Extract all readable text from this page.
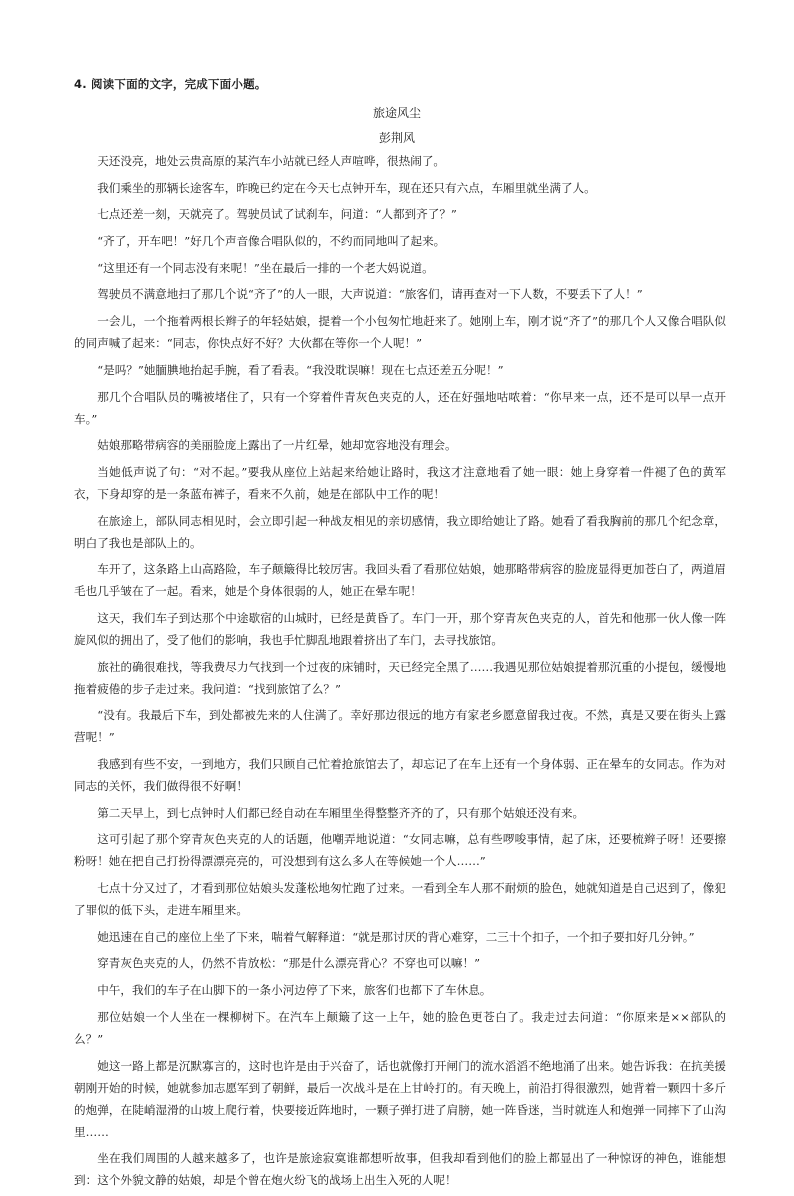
4. 阅读下面的文字，完成下面小题。
旅途风尘
彭荆风

天还没亮，地处云贵高原的某汽车小站就已经人声喧哗，很热闹了。

我们乘坐的那辆长途客车，昨晚已约定在今天七点钟开车，现在还只有六点，车厢里就坐满了人。

七点还差一刻，天就亮了。驾驶员试了试刹车，问道：“人都到齐了？”

“齐了，开车吧！”好几个声音像合唱队似的，不约而同地叫了起来。

“这里还有一个同志没有来呢！”坐在最后一排的一个老大妈说道。

驾驶员不满意地扫了那几个说“齐了”的人一眼，大声说道：“旅客们，请再查对一下人数，不要丢下了人！”

一会儿，一个拖着两根长辫子的年轻姑娘，提着一个小包匆忙地赶来了。她刚上车，刚才说“齐了”的那几个人又像合唱队似的同声喊了起来：“同志，你快点好不好？大伙都在等你一个人呢！”

“是吗？”她腼腆地抬起手腕，看了看表。“我没耽误嘛！现在七点还差五分呢！”

那几个合唱队员的嘴被堵住了，只有一个穿着件青灰色夹克的人，还在好强地咕哝着：“你早来一点，还不是可以早一点开车。”

姑娘那略带病容的美丽脸庞上露出了一片红晕，她却宽容地没有理会。

当她低声说了句：“对不起。”要我从座位上站起来给她让路时，我这才注意地看了她一眼：她上身穿着一件褪了色的黄军衣，下身却穿的是一条蓝布裤子，看来不久前，她是在部队中工作的呢！

在旅途上，部队同志相见时，会立即引起一种战友相见的亲切感情，我立即给她让了路。她看了看我胸前的那几个纪念章，明白了我也是部队上的。

车开了，这条路上山高路险，车子颠簸得比较厉害。我回头看了看那位姑娘，她那略带病容的脸庞显得更加苍白了，两道眉毛也几乎皱在了一起。看来，她是个身体很弱的人，她正在晕车呢！

这天，我们车子到达那个中途歇宿的山城时，已经是黄昏了。车门一开，那个穿青灰色夹克的人，首先和他那一伙人像一阵旋风似的拥出了，受了他们的影响，我也手忙脚乱地跟着挤出了车门，去寻找旅馆。

旅社的确很难找，等我费尽力气找到一个过夜的床铺时，天已经完全黑了……我遇见那位姑娘提着那沉重的小提包，缓慢地拖着疲倦的步子走过来。我问道：“找到旅馆了么？”

“没有。我最后下车，到处都被先来的人住满了。幸好那边很远的地方有家老乡愿意留我过夜。不然，真是又要在街头上露营呢！”

我感到有些不安，一到地方，我们只顾自己忙着抢旅馆去了，却忘记了在车上还有一个身体弱、正在晕车的女同志。作为对同志的关怀，我们做得很不好啊！

第二天早上，到七点钟时人们都已经自动在车厢里坐得整整齐齐的了，只有那个姑娘还没有来。

这可引起了那个穿青灰色夹克的人的话题，他嘲弄地说道：“女同志嘛，总有些啰唆事情，起了床，还要梳辫子呀！还要擦粉呀！她在把自己打扮得漂漂亮亮的，可没想到有这么多人在等候她一个人……”

七点十分又过了，才看到那位姑娘头发蓬松地匆忙跑了过来。一看到全车人那不耐烦的脸色，她就知道是自己迟到了，像犯了罪似的低下头，走进车厢里来。

她迅速在自己的座位上坐了下来，喘着气解释道：“就是那讨厌的背心难穿，二三十个扣子，一个扣子要扣好几分钟。”

穿青灰色夹克的人，仍然不肯放松：“那是什么漂亮背心？不穿也可以嘛！”

中午，我们的车子在山脚下的一条小河边停了下来，旅客们也都下了车休息。

那位姑娘一个人坐在一棵柳树下。在汽车上颠簸了这一上午，她的脸色更苍白了。我走过去问道：“你原来是××部队的么？”

她这一路上都是沉默寡言的，这时也许是由于兴奋了，话也就像打开闸门的流水滔滔不绝地涌了出来。她告诉我：在抗美援朝刚开始的时候，她就参加志愿军到了朝鲜，最后一次战斗是在上甘岭打的。有天晚上，前沿打得很激烈，她背着一颗四十多斤的炮弹，在陡峭湿滑的山坡上爬行着，快要接近阵地时，一颗子弹打进了肩膀，她一阵昏迷，当时就连人和炮弹一同摔下了山沟里……

坐在我们周围的人越来越多了，也许是旅途寂寞谁都想听故事，但我却看到他们的脸上都显出了一种惊讶的神色，谁能想到：这个外貌文静的姑娘，却是个曾在炮火纷飞的战场上出生入死的人呢！
